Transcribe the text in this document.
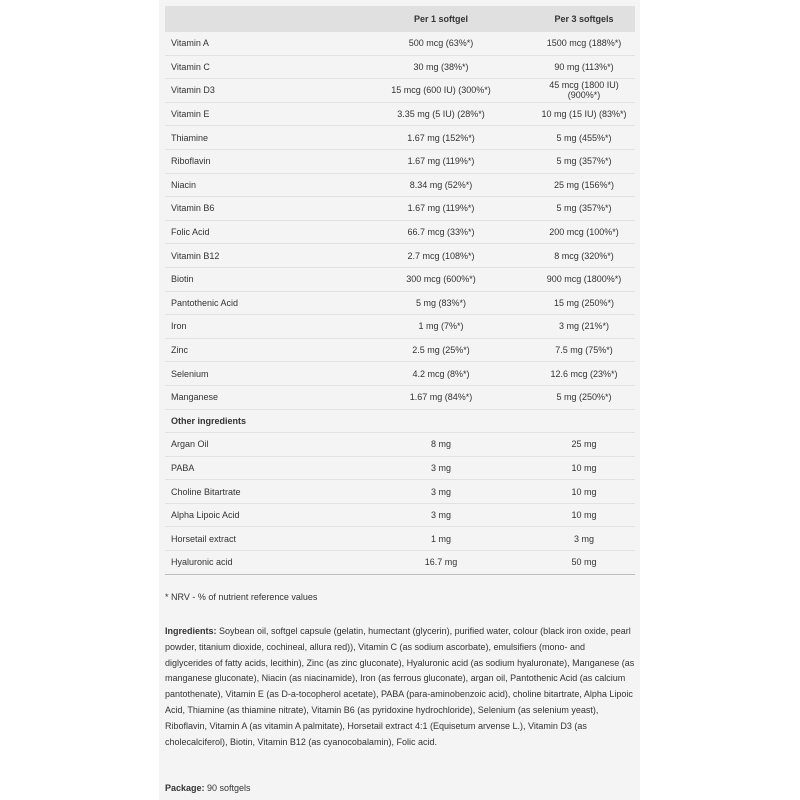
	Per 1 softgel	Per 3 softgels
Vitamin A	500 mcg (63%*)	1500 mcg (188%*)
Vitamin C	30 mg (38%*)	90 mg (113%*)
Vitamin D3	15 mcg (600 IU) (300%*)	45 mcg (1800 IU) (900%*)
Vitamin E	3.35 mg (5 IU) (28%*)	10 mg (15 IU) (83%*)
Thiamine	1.67 mg (152%*)	5 mg (455%*)
Riboflavin	1.67 mg (119%*)	5 mg (357%*)
Niacin	8.34 mg (52%*)	25 mg (156%*)
Vitamin B6	1.67 mg (119%*)	5 mg (357%*)
Folic Acid	66.7 mcg (33%*)	200 mcg (100%*)
Vitamin B12	2.7 mcg (108%*)	8 mcg (320%*)
Biotin	300 mcg (600%*)	900 mcg (1800%*)
Pantothenic Acid	5 mg (83%*)	15 mg (250%*)
Iron	1 mg (7%*)	3 mg (21%*)
Zinc	2.5 mg (25%*)	7.5 mg (75%*)
Selenium	4.2 mcg (8%*)	12.6 mcg (23%*)
Manganese	1.67 mg (84%*)	5 mg (250%*)
Other ingredients		
Argan Oil	8 mg	25 mg
PABA	3 mg	10 mg
Choline Bitartrate	3 mg	10 mg
Alpha Lipoic Acid	3 mg	10 mg
Horsetail extract	1 mg	3 mg
Hyaluronic acid	16.7 mg	50 mg
* NRV - % of nutrient reference values
Ingredients: Soybean oil, softgel capsule (gelatin, humectant (glycerin), purified water, colour (black iron oxide, pearl powder, titanium dioxide, cochineal, allura red)), Vitamin C (as sodium ascorbate), emulsifiers (mono- and diglycerides of fatty acids, lecithin), Zinc (as zinc gluconate), Hyaluronic acid (as sodium hyaluronate), Manganese (as manganese gluconate), Niacin (as niacinamide), Iron (as ferrous gluconate), argan oil, Pantothenic Acid (as calcium pantothenate), Vitamin E (as D-a-tocopherol acetate), PABA (para-aminobenzoic acid), choline bitartrate, Alpha Lipoic Acid, Thiamine (as thiamine nitrate), Vitamin B6 (as pyridoxine hydrochloride), Selenium (as selenium yeast), Riboflavin, Vitamin A (as vitamin A palmitate), Horsetail extract 4:1 (Equisetum arvense L.), Vitamin D3 (as cholecalciferol), Biotin, Vitamin B12 (as cyanocobalamin), Folic acid.
Package: 90 softgels
